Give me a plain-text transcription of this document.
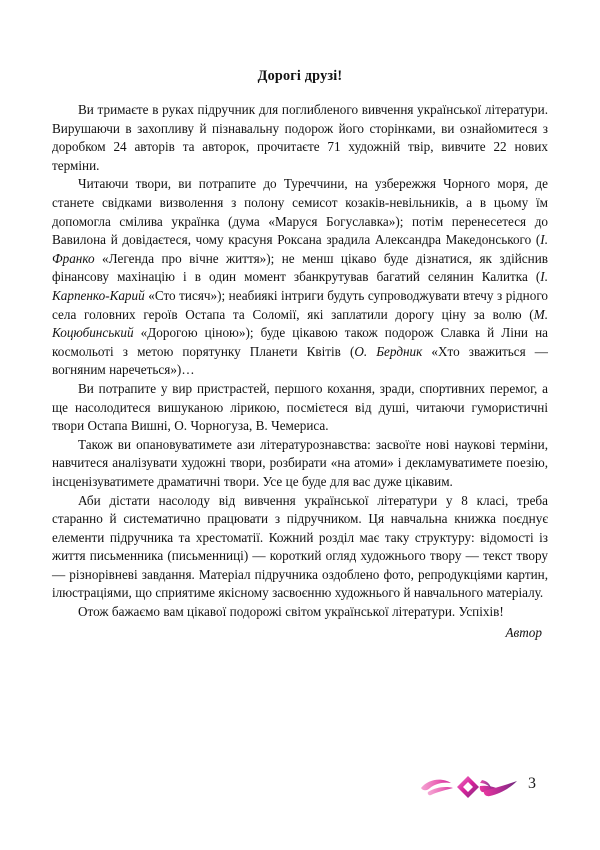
Дорогі друзі!

Ви тримаєте в руках підручник для поглибленого вивчення української літератури. Вирушаючи в захопливу й пізнавальну подорож його сторінками, ви ознайомитеся з доробком 24 авторів та авторок, прочитаєте 71 художній твір, вивчите 22 нових терміни.

Читаючи твори, ви потрапите до Туреччини, на узбережжя Чорного моря, де станете свідками визволення з полону семисот козаків-невільників, а в цьому їм допомогла смілива українка (дума «Маруся Богуславка»); потім перенесетеся до Вавилона й довідаєтеся, чому красуня Роксана зрадила Александра Македонського (І. Франко «Легенда про вічне життя»); не менш цікаво буде дізнатися, як здійснив фінансову махінацію і в один момент збанкрутував багатий селянин Калитка (І. Карпенко-Карий «Сто тисяч»); неабиякі інтриги будуть супроводжувати втечу з рідного села головних героїв Остапа та Соломії, які заплатили дорогу ціну за волю (М. Коцюбинський «Дорогою ціною»); буде цікавою також подорож Славка й Ліни на космольоті з метою порятунку Планети Квітів (О. Бердник «Хто зважиться — вогняним наречеться»)…

Ви потрапите у вир пристрастей, першого кохання, зради, спортивних перемог, а ще насолодитеся вишуканою лірикою, посмієтеся від душі, читаючи гумористичні твори Остапа Вишні, О. Чорногуза, В. Чемериса.

Також ви опановуватимете ази літературознавства: засвоїте нові наукові терміни, навчитеся аналізувати художні твори, розбирати «на атоми» і декламуватимете поезію, інсценізуватимете драматичні твори. Усе це буде для вас дуже цікавим.

Аби дістати насолоду від вивчення української літератури у 8 класі, треба старанно й систематично працювати з підручником. Ця навчальна книжка поєднує елементи підручника та хрестоматії. Кожний розділ має таку структуру: відомості із життя письменника (письменниці) — короткий огляд художнього твору — текст твору — різнорівневі завдання. Матеріал підручника оздоблено фото, репродукціями картин, ілюстраціями, що сприятиме якісному засвоєнню художнього й навчального матеріалу.

Отож бажаємо вам цікавої подорожі світом української літератури. Успіхів!

Автор
3
